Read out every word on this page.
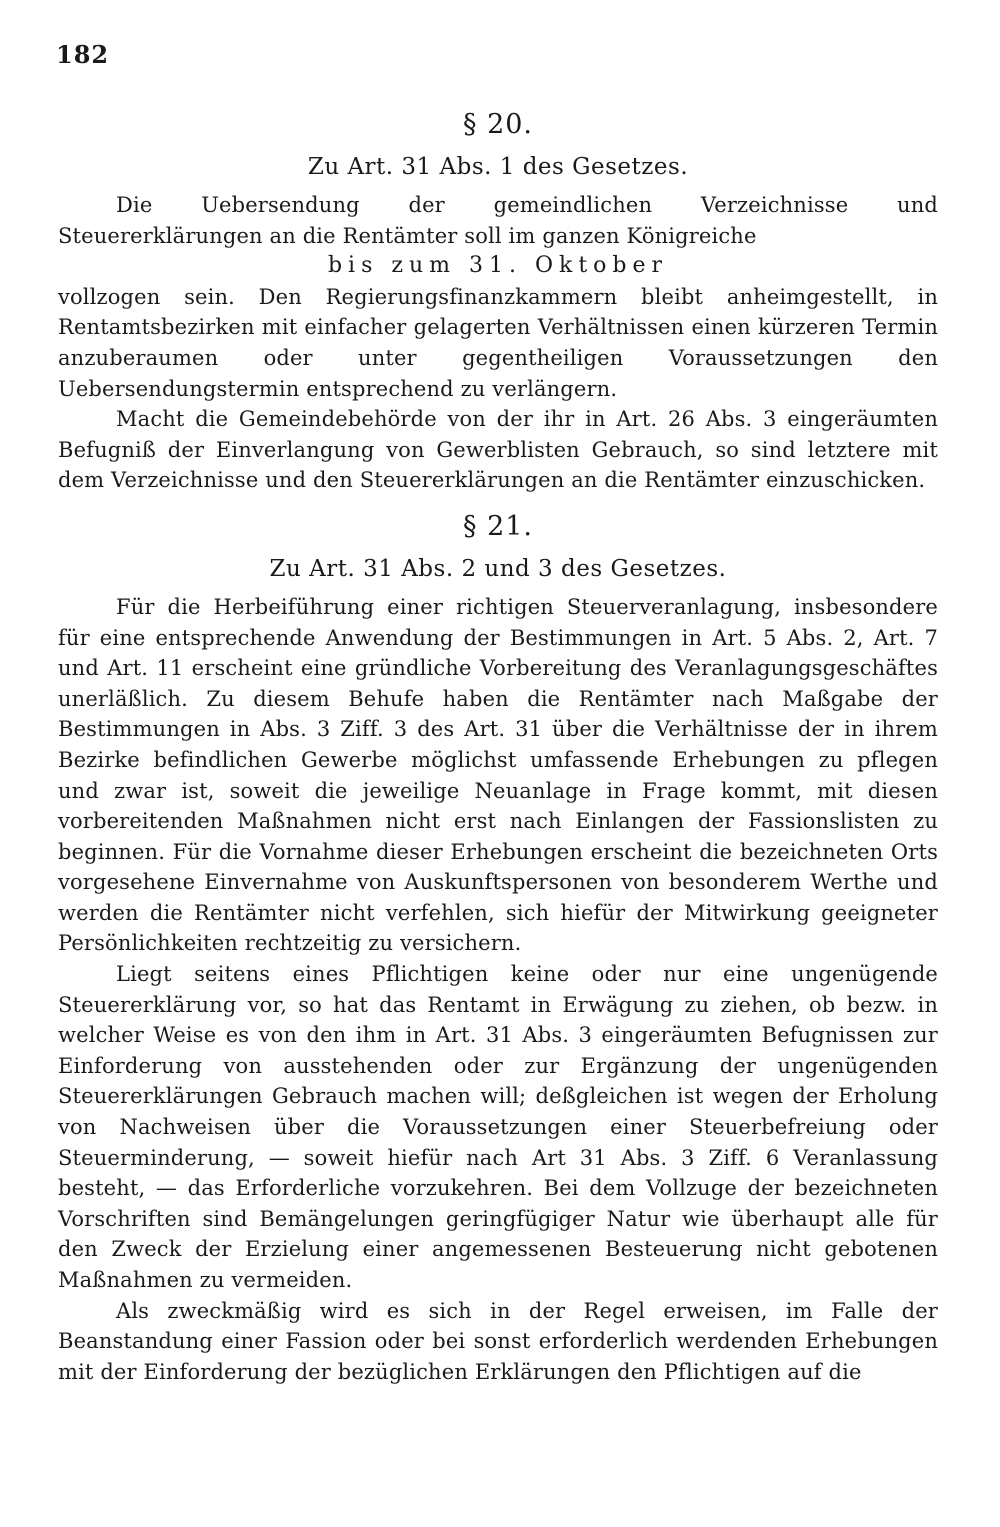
182
§ 20.
Zu Art. 31 Abs. 1 des Gesetzes.

Die Uebersendung der gemeindlichen Verzeichnisse und Steuererklärungen an die Rentämter soll im ganzen Königreiche

bis zum 31. Oktober

vollzogen sein. Den Regierungsfinanzkammern bleibt anheimgestellt, in Rentamtsbezirken mit einfacher gelagerten Verhältnissen einen kürzeren Termin anzuberaumen oder unter gegentheiligen Voraussetzungen den Uebersendungstermin entsprechend zu verlängern.

Macht die Gemeindebehörde von der ihr in Art. 26 Abs. 3 eingeräumten Befugniß der Einverlangung von Gewerblisten Gebrauch, so sind letztere mit dem Verzeichnisse und den Steuererklärungen an die Rentämter einzuschicken.

§ 21.
Zu Art. 31 Abs. 2 und 3 des Gesetzes.

Für die Herbeiführung einer richtigen Steuerveranlagung, insbesondere für eine entsprechende Anwendung der Bestimmungen in Art. 5 Abs. 2, Art. 7 und Art. 11 erscheint eine gründliche Vorbereitung des Veranlagungsgeschäftes unerläßlich. Zu diesem Behufe haben die Rentämter nach Maßgabe der Bestimmungen in Abs. 3 Ziff. 3 des Art. 31 über die Verhältnisse der in ihrem Bezirke befindlichen Gewerbe möglichst umfassende Erhebungen zu pflegen und zwar ist, soweit die jeweilige Neuanlage in Frage kommt, mit diesen vorbereitenden Maßnahmen nicht erst nach Einlangen der Fassionslisten zu beginnen. Für die Vornahme dieser Erhebungen erscheint die bezeichneten Orts vorgesehene Einvernahme von Auskunftspersonen von besonderem Werthe und werden die Rentämter nicht verfehlen, sich hiefür der Mitwirkung geeigneter Persönlichkeiten rechtzeitig zu versichern.

Liegt seitens eines Pflichtigen keine oder nur eine ungenügende Steuererklärung vor, so hat das Rentamt in Erwägung zu ziehen, ob bezw. in welcher Weise es von den ihm in Art. 31 Abs. 3 eingeräumten Befugnissen zur Einforderung von ausstehenden oder zur Ergänzung der ungenügenden Steuererklärungen Gebrauch machen will; deßgleichen ist wegen der Erholung von Nachweisen über die Voraussetzungen einer Steuerbefreiung oder Steuerminderung, — soweit hiefür nach Art 31 Abs. 3 Ziff. 6 Veranlassung besteht, — das Erforderliche vorzukehren. Bei dem Vollzuge der bezeichneten Vorschriften sind Bemängelungen geringfügiger Natur wie überhaupt alle für den Zweck der Erzielung einer angemessenen Besteuerung nicht gebotenen Maßnahmen zu vermeiden.

Als zweckmäßig wird es sich in der Regel erweisen, im Falle der Beanstandung einer Fassion oder bei sonst erforderlich werdenden Erhebungen mit der Einforderung der bezüglichen Erklärungen den Pflichtigen auf die
